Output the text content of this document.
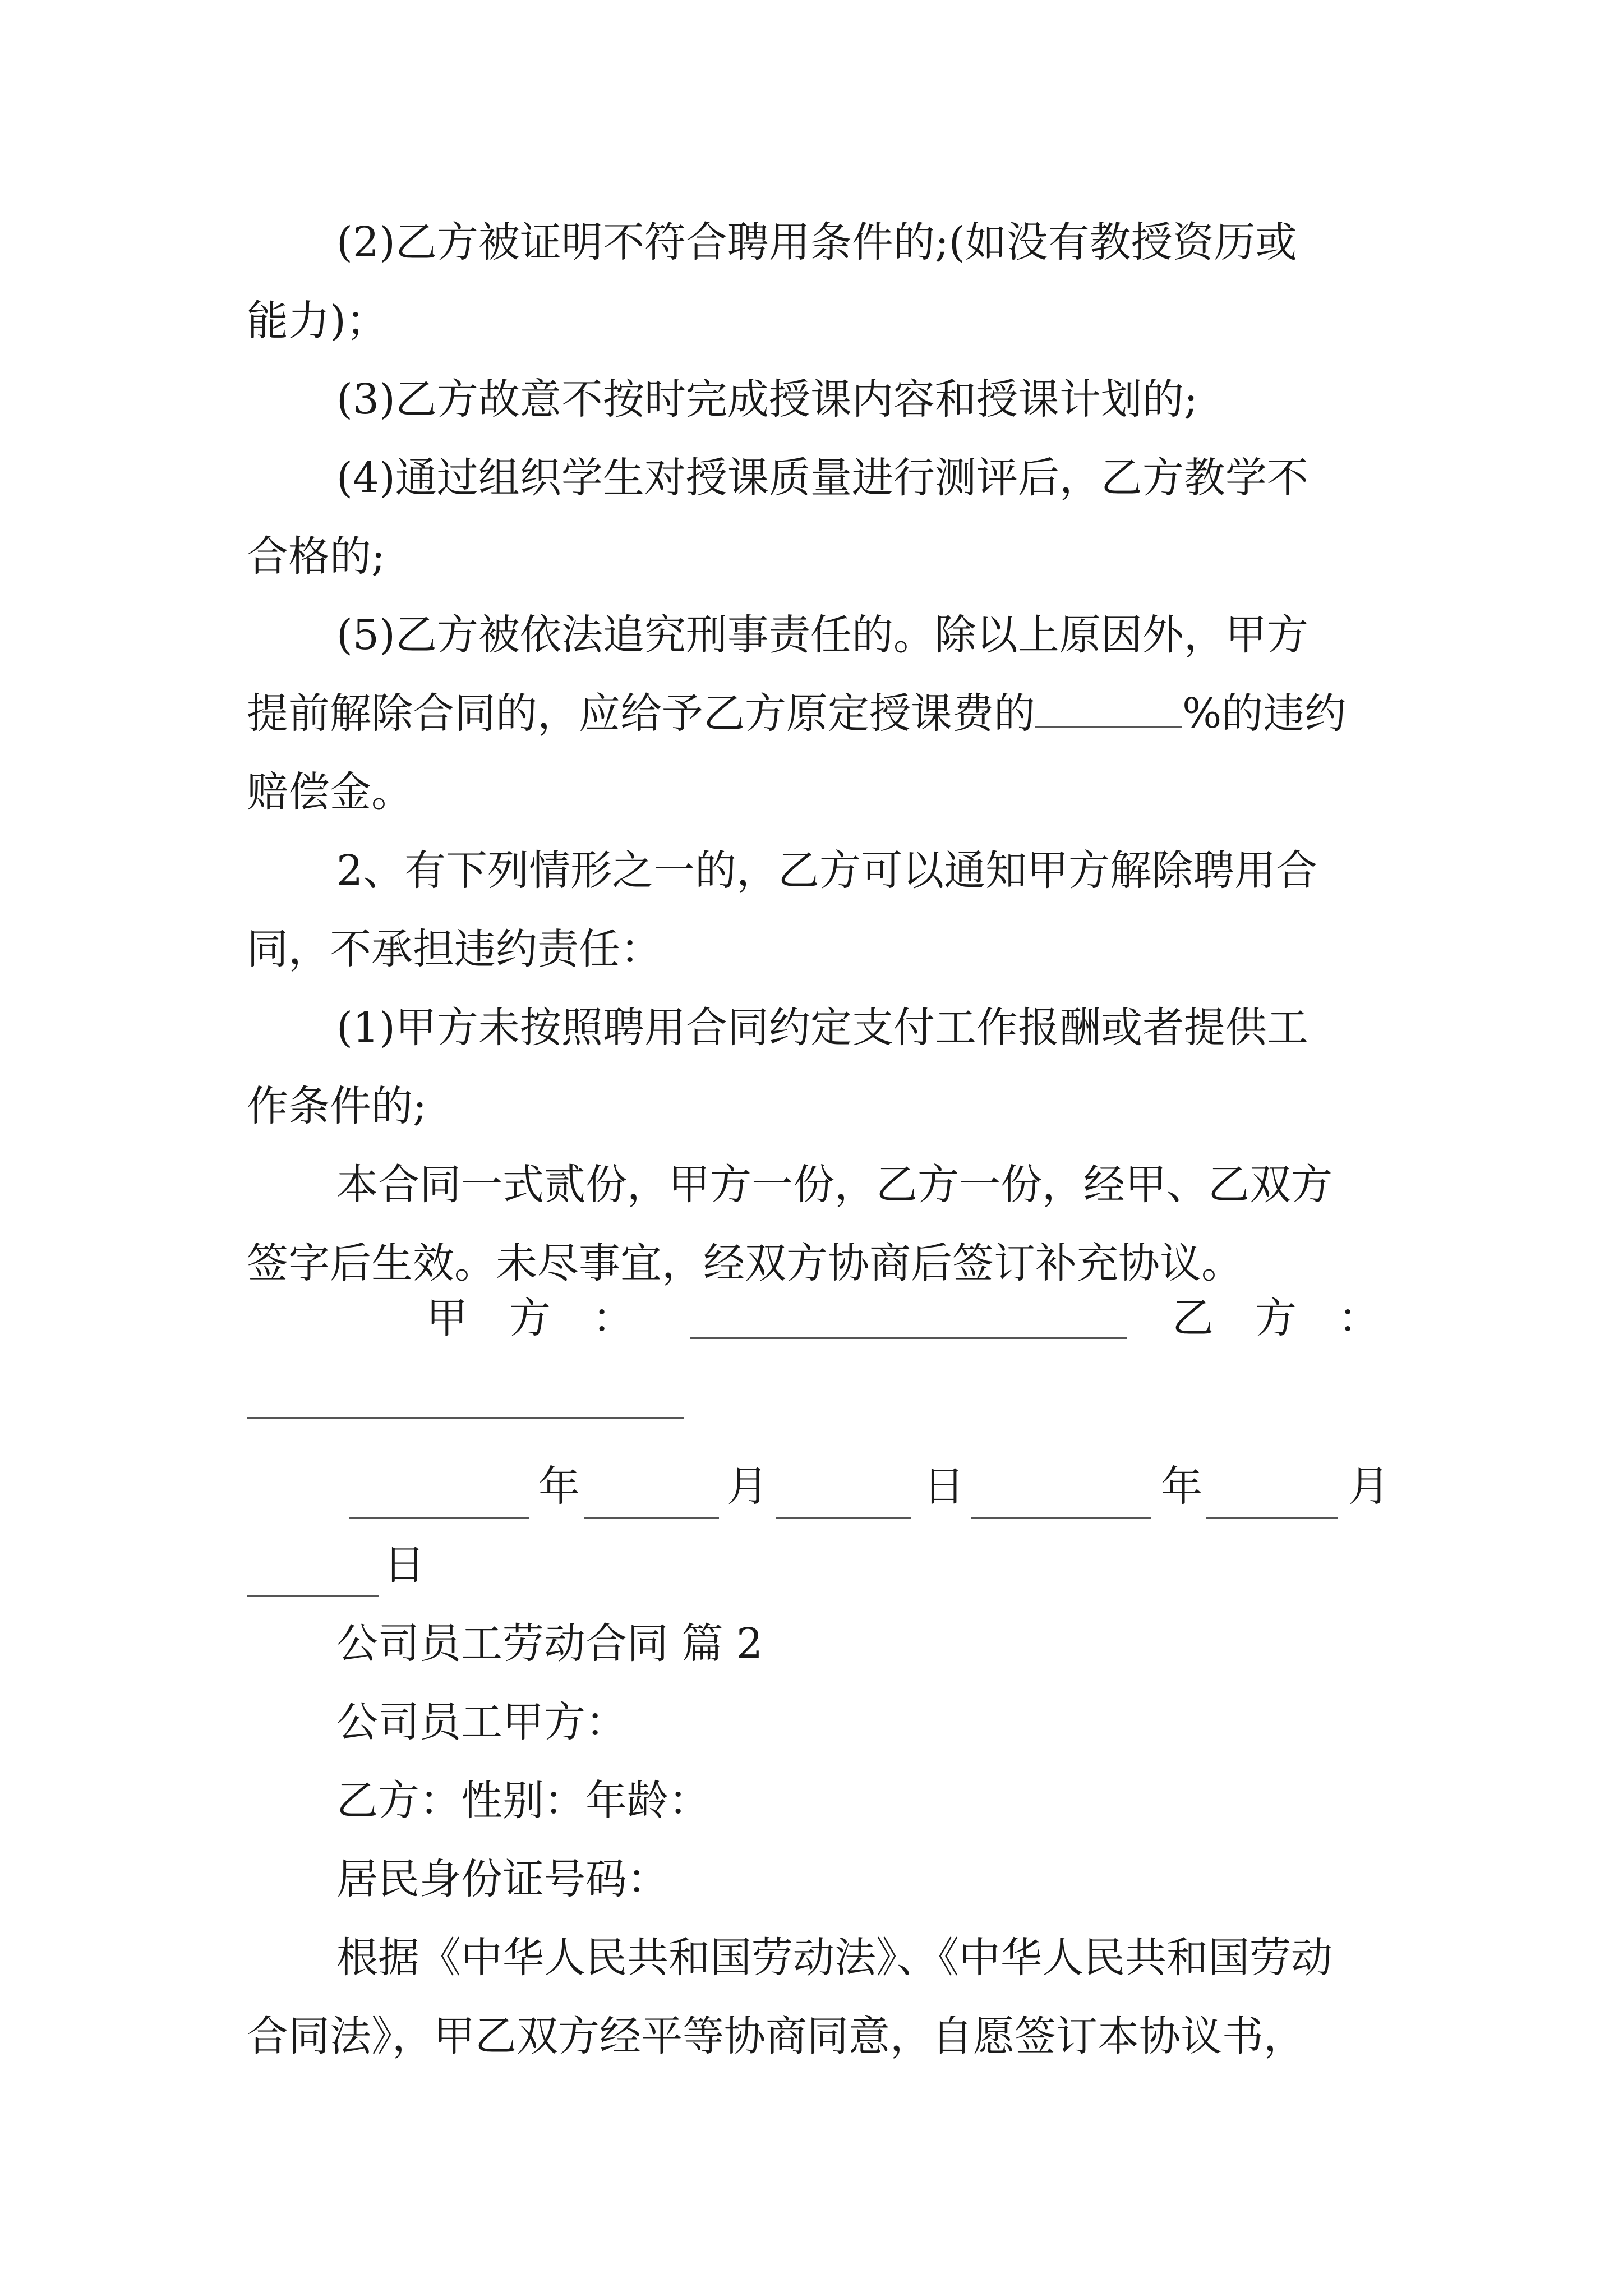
(2)乙方被证明不符合聘用条件的;(如没有教授资历或

能力)；

(3)乙方故意不按时完成授课内容和授课计划的;

(4)通过组织学生对授课质量进行测评后，乙方教学不

合格的;

(5)乙方被依法追究刑事责任的。除以上原因外，甲方

提前解除合同的，应给予乙方原定授课费的	%的违约

赔偿金。

2、有下列情形之一的，乙方可以通知甲方解除聘用合

同，不承担违约责任：

(1)甲方未按照聘用合同约定支付工作报酬或者提供工

作条件的;

本合同一式贰份，甲方一份，乙方一份，经甲、乙双方

签字后生效。未尽事宜，经双方协商后签订补充协议。

甲　方　：	乙　方　：
年	月	日	年	月
日

公司员工劳动合同 篇 2

公司员工甲方：

乙方：性别：年龄：

居民身份证号码：

根据《中华人民共和国劳动法》、《中华人民共和国劳动

合同法》，甲乙双方经平等协商同意，自愿签订本协议书，
